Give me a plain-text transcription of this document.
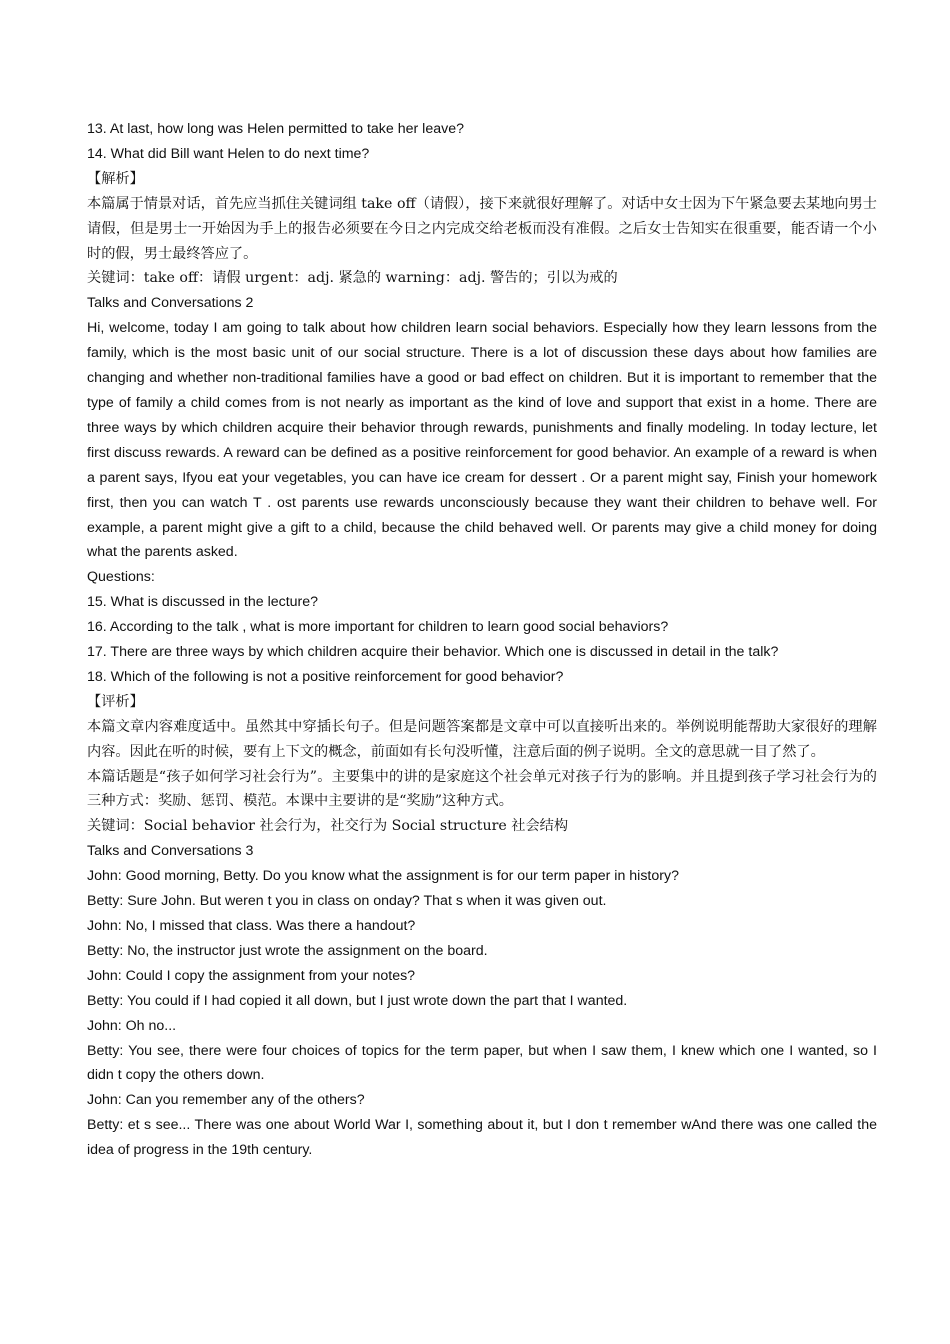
13. At last, how long was Helen permitted to take her leave?

14. What did Bill want Helen to do next time?

【解析】

本篇属于情景对话，首先应当抓住关键词组 take off（请假），接下来就很好理解了。对话中女士因为下午紧急要去某地向男士请假，但是男士一开始因为手上的报告必须要在今日之内完成交给老板而没有准假。之后女士告知实在很重要，能否请一个小时的假，男士最终答应了。

关键词：take off：请假 urgent：adj. 紧急的 warning：adj. 警告的；引以为戒的

Talks and Conversations 2

Hi, welcome, today I am going to talk about how children learn social behaviors. Especially how they learn lessons from the family, which is the most basic unit of our social structure. There is a lot of discussion these days about how families are changing and whether non-traditional families have a good or bad effect on children. But it is important to remember that the type of family a child comes from is not nearly as important as the kind of love and support that exist in a home. There are three ways by which children acquire their behavior through rewards, punishments and finally modeling. In today lecture, let first discuss rewards. A reward can be defined as a positive reinforcement for good behavior. An example of a reward is when a parent says, Ifyou eat your vegetables, you can have ice cream for dessert . Or a parent might say, Finish your homework first, then you can watch T . ost parents use rewards unconsciously because they want their children to behave well. For example, a parent might give a gift to a child, because the child behaved well. Or parents may give a child money for doing what the parents asked.

Questions:

15. What is discussed in the lecture?

16. According to the talk , what is more important for children to learn good social behaviors?

17. There are three ways by which children acquire their behavior. Which one is discussed in detail in the talk?

18. Which of the following is not a positive reinforcement for good behavior?

【评析】

本篇文章内容难度适中。虽然其中穿插长句子。但是问题答案都是文章中可以直接听出来的。举例说明能帮助大家很好的理解内容。因此在听的时候，要有上下文的概念，前面如有长句没听懂，注意后面的例子说明。全文的意思就一目了然了。

本篇话题是“孩子如何学习社会行为”。主要集中的讲的是家庭这个社会单元对孩子行为的影响。并且提到孩子学习社会行为的三种方式：奖励、惩罚、模范。本课中主要讲的是“奖励”这种方式。

关键词：Social behavior 社会行为，社交行为 Social structure 社会结构

Talks and Conversations 3

John: Good morning, Betty. Do you know what the assignment is for our term paper in history?

Betty: Sure John. But weren t you in class on onday? That s when it was given out.

John: No, I missed that class. Was there a handout?

Betty: No, the instructor just wrote the assignment on the board.

John: Could I copy the assignment from your notes?

Betty: You could if I had copied it all down, but I just wrote down the part that I wanted.

John: Oh no...

Betty: You see, there were four choices of topics for the term paper, but when I saw them, I knew which one I wanted, so I didn t copy the others down.

John: Can you remember any of the others?

Betty: et s see... There was one about World War I, something about it, but I don t remember wAnd there was one called the idea of progress in the 19th century.
